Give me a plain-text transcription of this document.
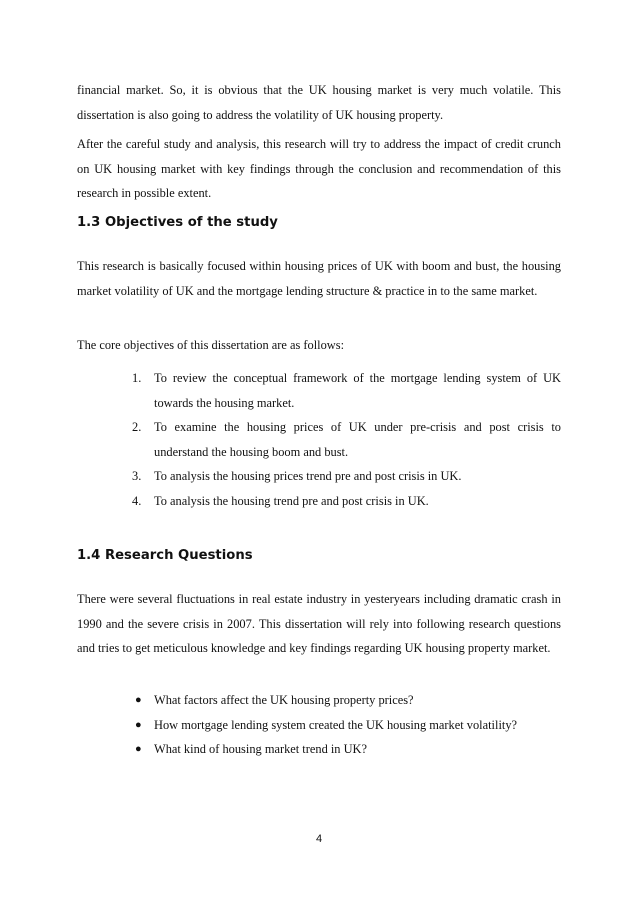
financial market. So, it is obvious that the UK housing market is very much volatile. This dissertation is also going to address the volatility of UK housing property.

After the careful study and analysis, this research will try to address the impact of credit crunch on UK housing market with key findings through the conclusion and recommendation of this research in possible extent.

1.3 Objectives of the study

This research is basically focused within housing prices of UK with boom and bust, the housing market volatility of UK and the mortgage lending structure & practice in to the same market.

The core objectives of this dissertation are as follows:

1. To review the conceptual framework of the mortgage lending system of UK towards the housing market.
2. To examine the housing prices of UK under pre-crisis and post crisis to understand the housing boom and bust.
3. To analysis the housing prices trend pre and post crisis in UK.
4. To analysis the housing trend pre and post crisis in UK.
1.4 Research Questions

There were several fluctuations in real estate industry in yesteryears including dramatic crash in 1990 and the severe crisis in 2007. This dissertation will rely into following research questions and tries to get meticulous knowledge and key findings regarding UK housing property market.

● What factors affect the UK housing property prices?
● How mortgage lending system created the UK housing market volatility?
● What kind of housing market trend in UK?
4
